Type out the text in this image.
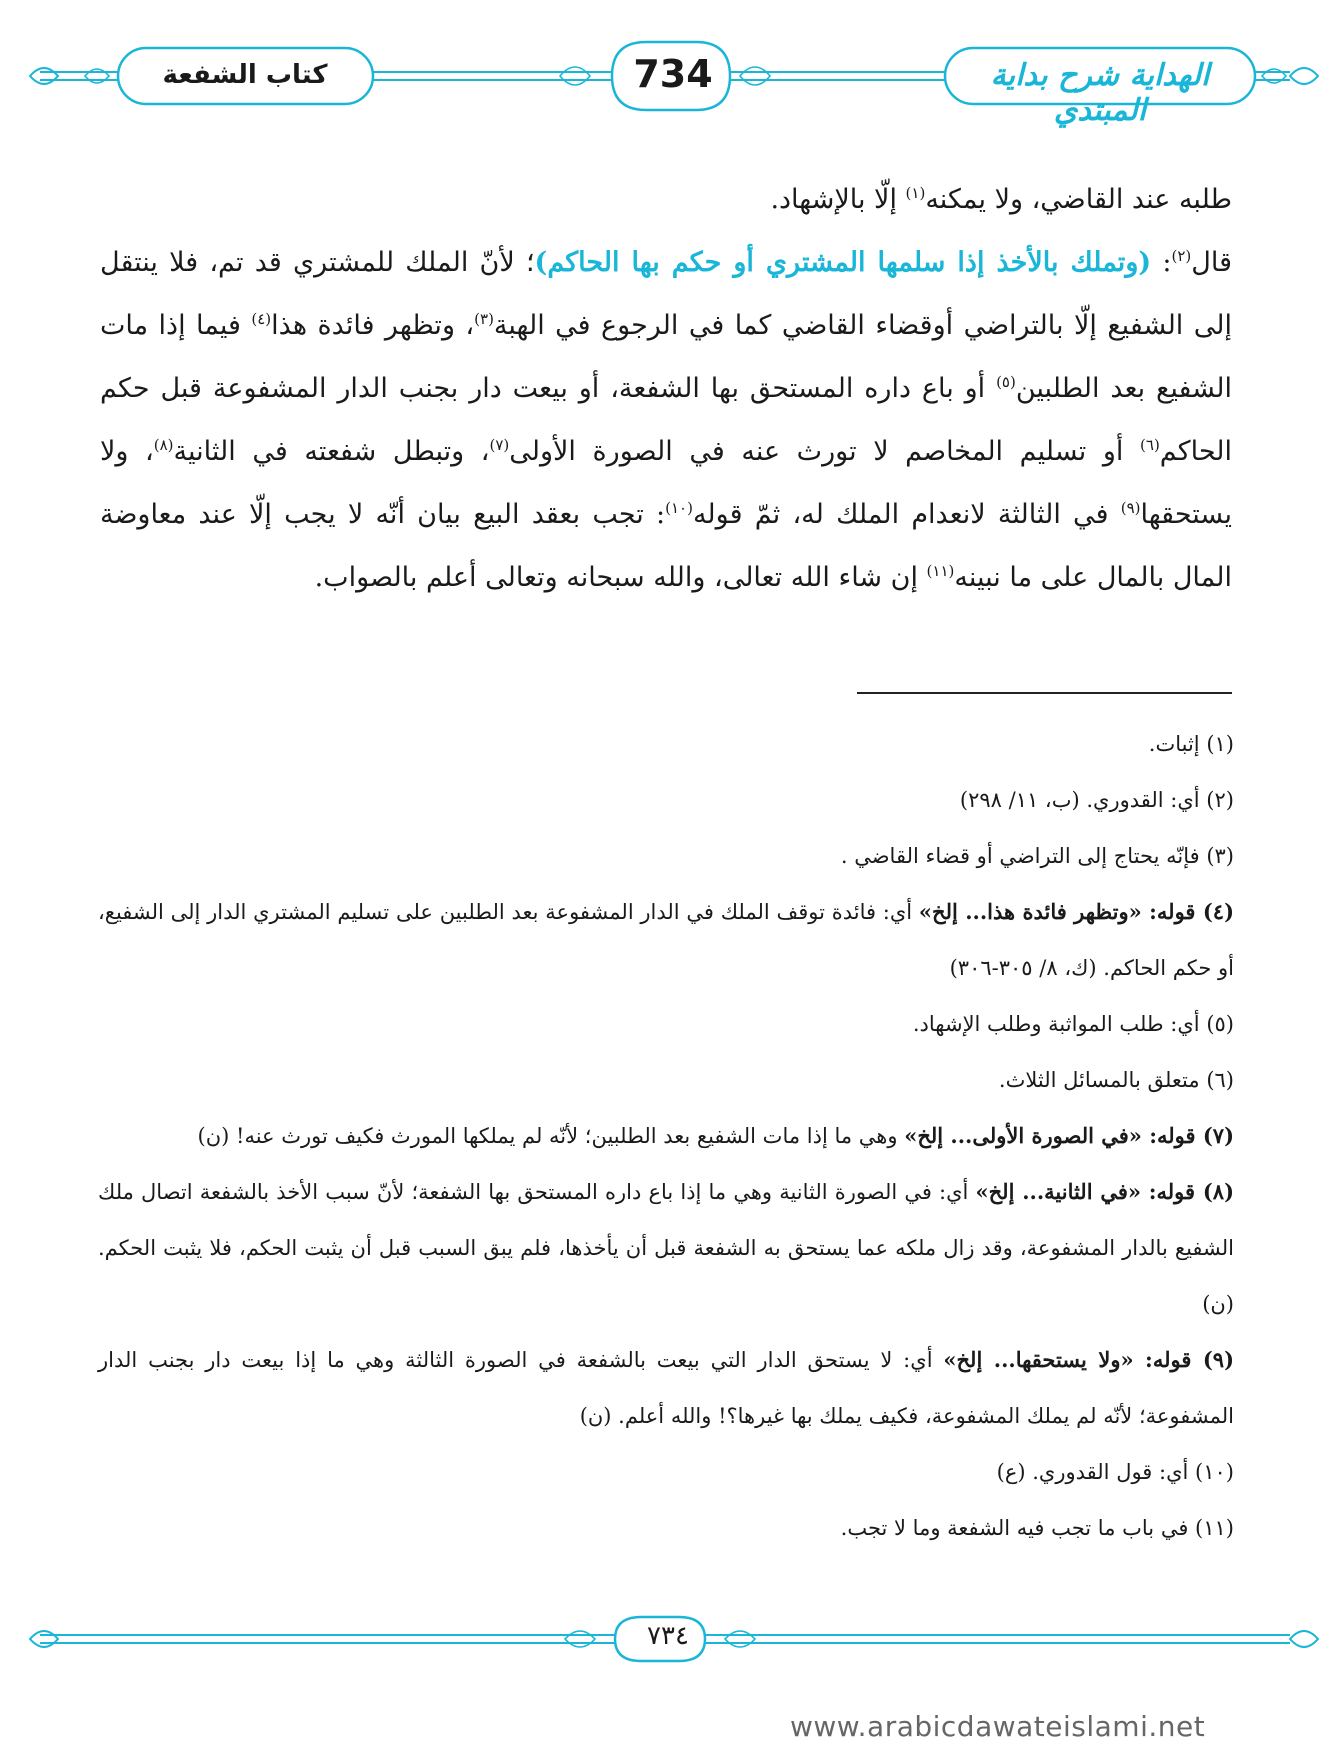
كتاب الشفعة	734	الهداية شرح بداية المبتدي

طلبه عند القاضي، ولا يمكنه$^{(١)}$ إلّا بالإشهاد.

قال$^{(٢)}$: (وتملك بالأخذ إذا سلمها المشتري أو حكم بها الحاكم)؛ لأنّ الملك للمشتري قد تم، فلا ينتقل إلى الشفيع إلّا بالتراضي أوقضاء القاضي كما في الرجوع في الهبة$^{(٣)}$، وتظهر فائدة هذا$^{(٤)}$ فيما إذا مات الشفيع بعد الطلبين$^{(٥)}$ أو باع داره المستحق بها الشفعة، أو بيعت دار بجنب الدار المشفوعة قبل حكم الحاكم$^{(٦)}$ أو تسليم المخاصم لا تورث عنه في الصورة الأولى$^{(٧)}$، وتبطل شفعته في الثانية$^{(٨)}$، ولا يستحقها$^{(٩)}$ في الثالثة لانعدام الملك له، ثمّ قوله$^{(١٠)}$: تجب بعقد البيع بيان أنّه لا يجب إلّا عند معاوضة المال بالمال على ما نبينه$^{(١١)}$ إن شاء الله تعالى، والله سبحانه وتعالى أعلم بالصواب.

(١) إثبات.

(٢) أي: القدوري. (ب، ١١/ ٢٩٨)

(٣) فإنّه يحتاج إلى التراضي أو قضاء القاضي .

(٤) قوله: «وتظهر فائدة هذا... إلخ» أي: فائدة توقف الملك في الدار المشفوعة بعد الطلبين على تسليم المشتري الدار إلى الشفيع، أو حكم الحاكم. (ك، ٨/ ٣٠٥-٣٠٦)

(٥) أي: طلب المواثبة وطلب الإشهاد.

(٦) متعلق بالمسائل الثلاث.

(٧) قوله: «في الصورة الأولى... إلخ» وهي ما إذا مات الشفيع بعد الطلبين؛ لأنّه لم يملكها المورث فكيف تورث عنه! (ن)

(٨) قوله: «في الثانية... إلخ» أي: في الصورة الثانية وهي ما إذا باع داره المستحق بها الشفعة؛ لأنّ سبب الأخذ بالشفعة اتصال ملك الشفيع بالدار المشفوعة، وقد زال ملكه عما يستحق به الشفعة قبل أن يأخذها، فلم يبق السبب قبل أن يثبت الحكم، فلا يثبت الحكم. (ن)

(٩) قوله: «ولا يستحقها... إلخ» أي: لا يستحق الدار التي بيعت بالشفعة في الصورة الثالثة وهي ما إذا بيعت دار بجنب الدار المشفوعة؛ لأنّه لم يملك المشفوعة، فكيف يملك بها غيرها؟! والله أعلم. (ن)

(١٠) أي: قول القدوري. (ع)

(١١) في باب ما تجب فيه الشفعة وما لا تجب.

٧٣٤
www.arabicdawateislami.net
